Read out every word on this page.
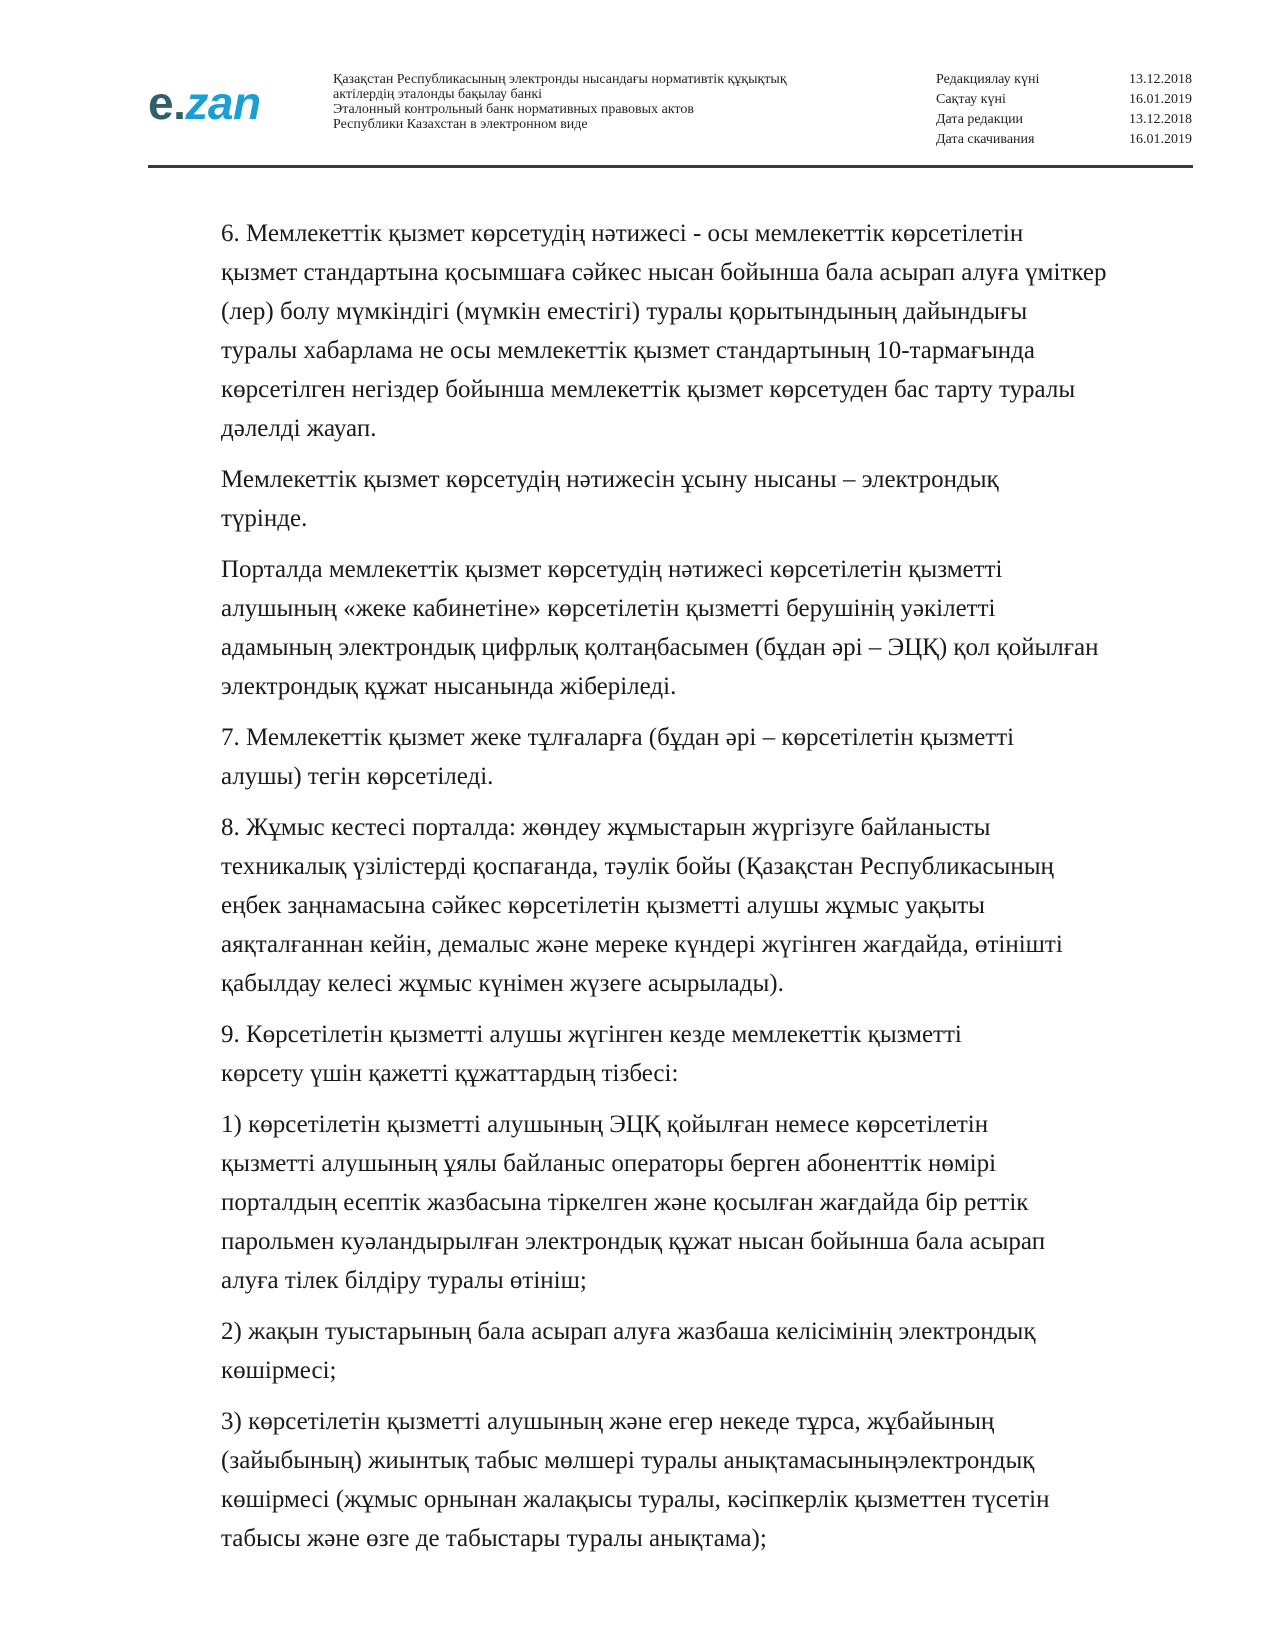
e.zan	Қазақстан Республикасының электронды нысандағы нормативтік құқықтық
актілердің эталонды бақылау банкі
Эталонный контрольный банк нормативных правовых актов
Республики Казахстан в электронном виде
Редакциялау күні	13.12.2018
Сақтау күні	16.01.2019
Дата редакции	13.12.2018
Дата скачивания	16.01.2019

6. Мемлекеттік қызмет көрсетудің нәтижесі - осы мемлекеттік көрсетілетін

қызмет стандартына қосымшаға сәйкес нысан бойынша бала асырап алуға үміткер
(лер) болу мүмкіндігі (мүмкін еместігі) туралы қорытындының дайындығы
туралы хабарлама не осы мемлекеттік қызмет стандартының 10-тармағында
көрсетілген негіздер бойынша мемлекеттік қызмет көрсетуден бас тарту туралы
дәлелді жауап.

Мемлекеттік қызмет көрсетудің нәтижесін ұсыну нысаны – электрондық

түрінде.

Порталда мемлекеттік қызмет көрсетудің нәтижесі көрсетілетін қызметті

алушының «жеке кабинетіне» көрсетілетін қызметті берушінің уәкілетті
адамының электрондық цифрлық қолтаңбасымен (бұдан әрі – ЭЦҚ) қол қойылған
электрондық құжат нысанында жіберіледі.

7. Мемлекеттік қызмет жеке тұлғаларға (бұдан әрі – көрсетілетін қызметті

алушы) тегін көрсетіледі.

8. Жұмыс кестесі порталда: жөндеу жұмыстарын жүргізуге байланысты

техникалық үзілістерді қоспағанда, тәулік бойы (Қазақстан Республикасының
еңбек заңнамасына сәйкес көрсетілетін қызметті алушы жұмыс уақыты
аяқталғаннан кейін, демалыс және мереке күндері жүгінген жағдайда, өтінішті
қабылдау келесі жұмыс күнімен жүзеге асырылады).

9. Көрсетілетін қызметті алушы жүгінген кезде мемлекеттік қызметті

көрсету үшін қажетті құжаттардың тізбесі:

1) көрсетілетін қызметті алушының ЭЦҚ қойылған немесе көрсетілетін

қызметті алушының ұялы байланыс операторы берген абоненттік нөмірі
порталдың есептік жазбасына тіркелген және қосылған жағдайда бір реттік
парольмен куәландырылған электрондық құжат нысан бойынша бала асырап
алуға тілек білдіру туралы өтініш;

2) жақын туыстарының бала асырап алуға жазбаша келісімінің электрондық

көшірмесі;

3) көрсетілетін қызметті алушының және егер некеде тұрса, жұбайының

(зайыбының) жиынтық табыс мөлшері туралы анықтамасыныңэлектрондық
көшірмесі (жұмыс орнынан жалақысы туралы, кәсіпкерлік қызметтен түсетін
табысы және өзге де табыстары туралы анықтама);
